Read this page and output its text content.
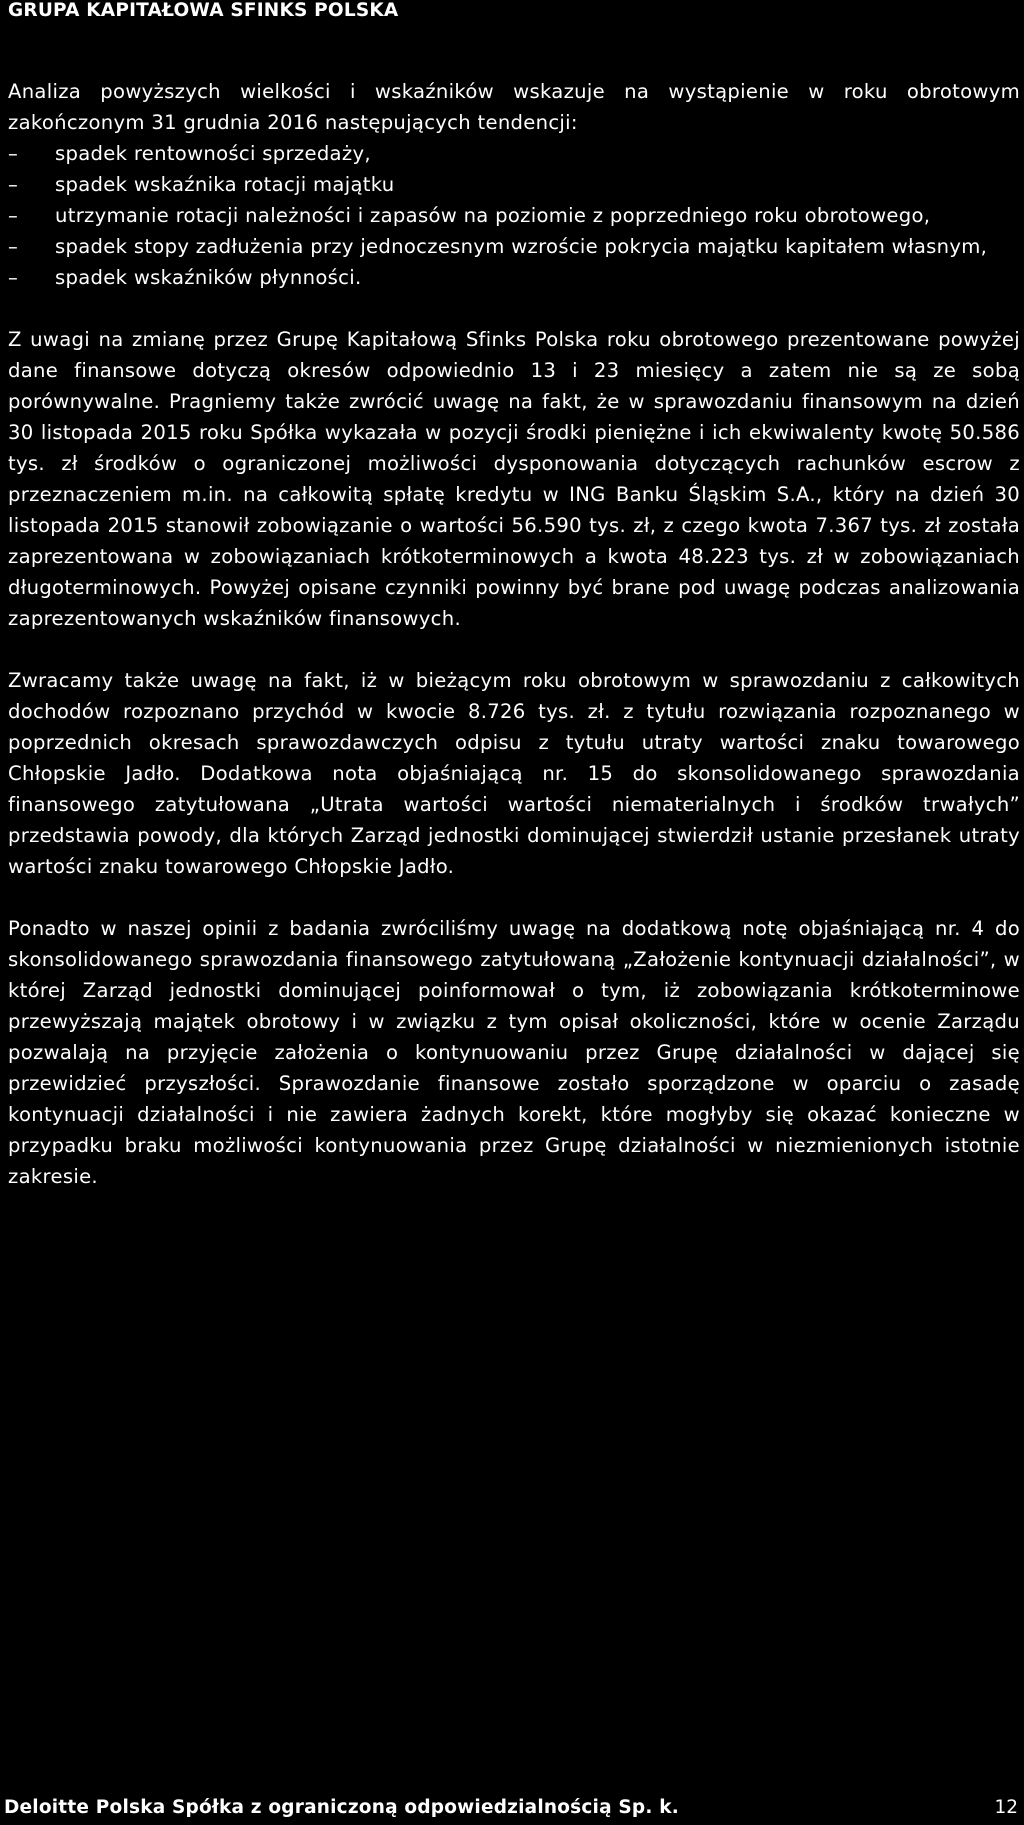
GRUPA KAPITAŁOWA SFINKS POLSKA

Analiza powyższych wielkości i wskaźników wskazuje na wystąpienie w roku obrotowym zakończonym 31 grudnia 2016 następujących tendencji:

– spadek rentowności sprzedaży,
– spadek wskaźnika rotacji majątku
– utrzymanie rotacji należności i zapasów na poziomie z poprzedniego roku obrotowego,
– spadek stopy zadłużenia przy jednoczesnym wzroście pokrycia majątku kapitałem własnym,
– spadek wskaźników płynności.

Z uwagi na zmianę przez Grupę Kapitałową Sfinks Polska roku obrotowego prezentowane powyżej dane finansowe dotyczą okresów odpowiednio 13 i 23 miesięcy a zatem nie są ze sobą porównywalne. Pragniemy także zwrócić uwagę na fakt, że w sprawozdaniu finansowym na dzień 30 listopada 2015 roku Spółka wykazała w pozycji środki pieniężne i ich ekwiwalenty kwotę 50.586 tys. zł środków o ograniczonej możliwości dysponowania dotyczących rachunków escrow z przeznaczeniem m.in. na całkowitą spłatę kredytu w ING Banku Śląskim S.A., który na dzień 30 listopada 2015 stanowił zobowiązanie o wartości 56.590 tys. zł, z czego kwota 7.367 tys. zł została zaprezentowana w zobowiązaniach krótkoterminowych a kwota 48.223 tys. zł w zobowiązaniach długoterminowych. Powyżej opisane czynniki powinny być brane pod uwagę podczas analizowania zaprezentowanych wskaźników finansowych.

Zwracamy także uwagę na fakt, iż w bieżącym roku obrotowym w sprawozdaniu z całkowitych dochodów rozpoznano przychód w kwocie 8.726 tys. zł. z tytułu rozwiązania rozpoznanego w poprzednich okresach sprawozdawczych odpisu z tytułu utraty wartości znaku towarowego Chłopskie Jadło. Dodatkowa nota objaśniającą nr. 15 do skonsolidowanego sprawozdania finansowego zatytułowana „Utrata wartości wartości niematerialnych i środków trwałych” przedstawia powody, dla których Zarząd jednostki dominującej stwierdził ustanie przesłanek utraty wartości znaku towarowego Chłopskie Jadło.

Ponadto w naszej opinii z badania zwróciliśmy uwagę na dodatkową notę objaśniającą nr. 4 do skonsolidowanego sprawozdania finansowego zatytułowaną „Założenie kontynuacji działalności”, w której Zarząd jednostki dominującej poinformował o tym, iż zobowiązania krótkoterminowe przewyższają majątek obrotowy i w związku z tym opisał okoliczności, które w ocenie Zarządu pozwalają na przyjęcie założenia o kontynuowaniu przez Grupę działalności w dającej się przewidzieć przyszłości. Sprawozdanie finansowe zostało sporządzone w oparciu o zasadę kontynuacji działalności i nie zawiera żadnych korekt, które mogłyby się okazać konieczne w przypadku braku możliwości kontynuowania przez Grupę działalności w niezmienionych istotnie zakresie.

Deloitte Polska Spółka z ograniczoną odpowiedzialnością Sp. k.	12
